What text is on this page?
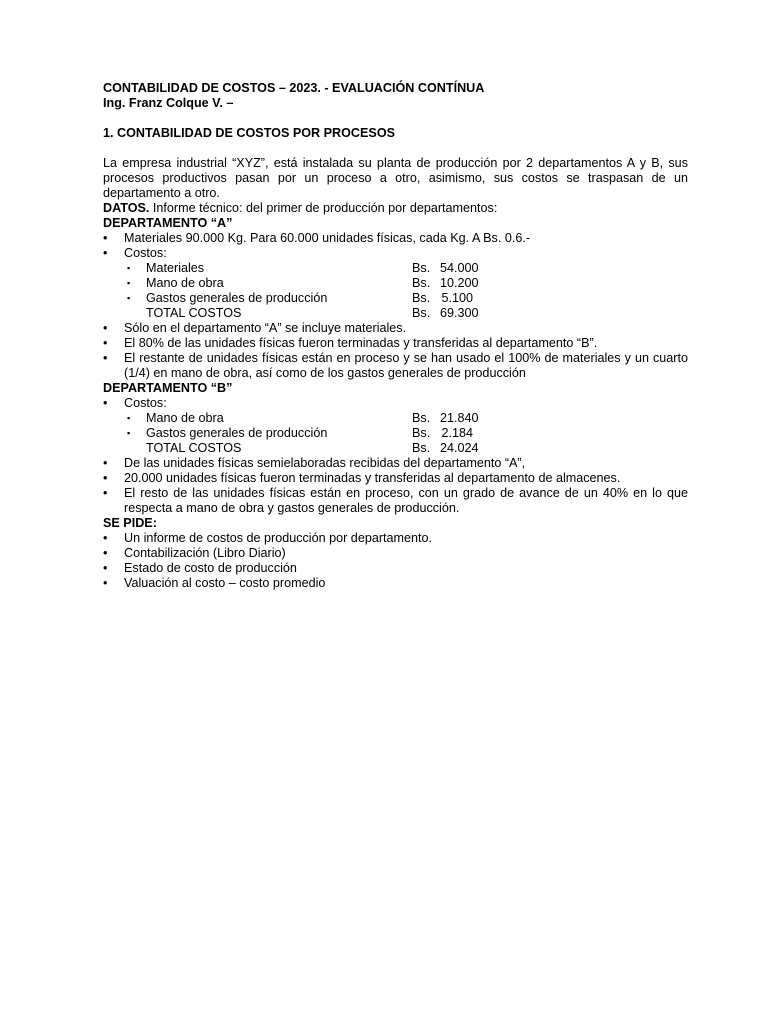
CONTABILIDAD DE COSTOS – 2023. - EVALUACIÓN CONTÍNUA
Ing. Franz Colque V. –
1. CONTABILIDAD DE COSTOS POR PROCESOS
La empresa industrial “XYZ”, está instalada su planta de producción por 2 departamentos A y B, sus procesos productivos pasan por un proceso a otro, asimismo, sus costos se traspasan de un departamento a otro.
DATOS. Informe técnico: del primer de producción por departamentos:
DEPARTAMENTO “A”
•	Materiales 90.000 Kg. Para 60.000 unidades físicas, cada Kg. A Bs. 0.6.-
•	Costos:
▪ Materiales	Bs. 54.000
▪ Mano de obra	Bs. 10.200
▪ Gastos generales de producción	Bs. 5.100
TOTAL COSTOS	Bs. 69.300
•	Sólo en el departamento “A” se incluye materiales.
•	El 80% de las unidades físicas fueron terminadas y transferidas al departamento “B”.
•	El restante de unidades físicas están en proceso y se han usado el 100% de materiales y un cuarto (1/4) en mano de obra, así como de los gastos generales de producción
DEPARTAMENTO “B”
•	Costos:
▪ Mano de obra	Bs. 21.840
▪ Gastos generales de producción	Bs. 2.184
TOTAL COSTOS	Bs. 24.024
•	De las unidades físicas semielaboradas recibidas del departamento “A”,
•	20.000 unidades físicas fueron terminadas y transferidas al departamento de almacenes.
•	El resto de las unidades físicas están en proceso, con un grado de avance de un 40% en lo que respecta a mano de obra y gastos generales de producción.
SE PIDE:
•	Un informe de costos de producción por departamento.
•	Contabilización (Libro Diario)
•	Estado de costo de producción
•	Valuación al costo – costo promedio
